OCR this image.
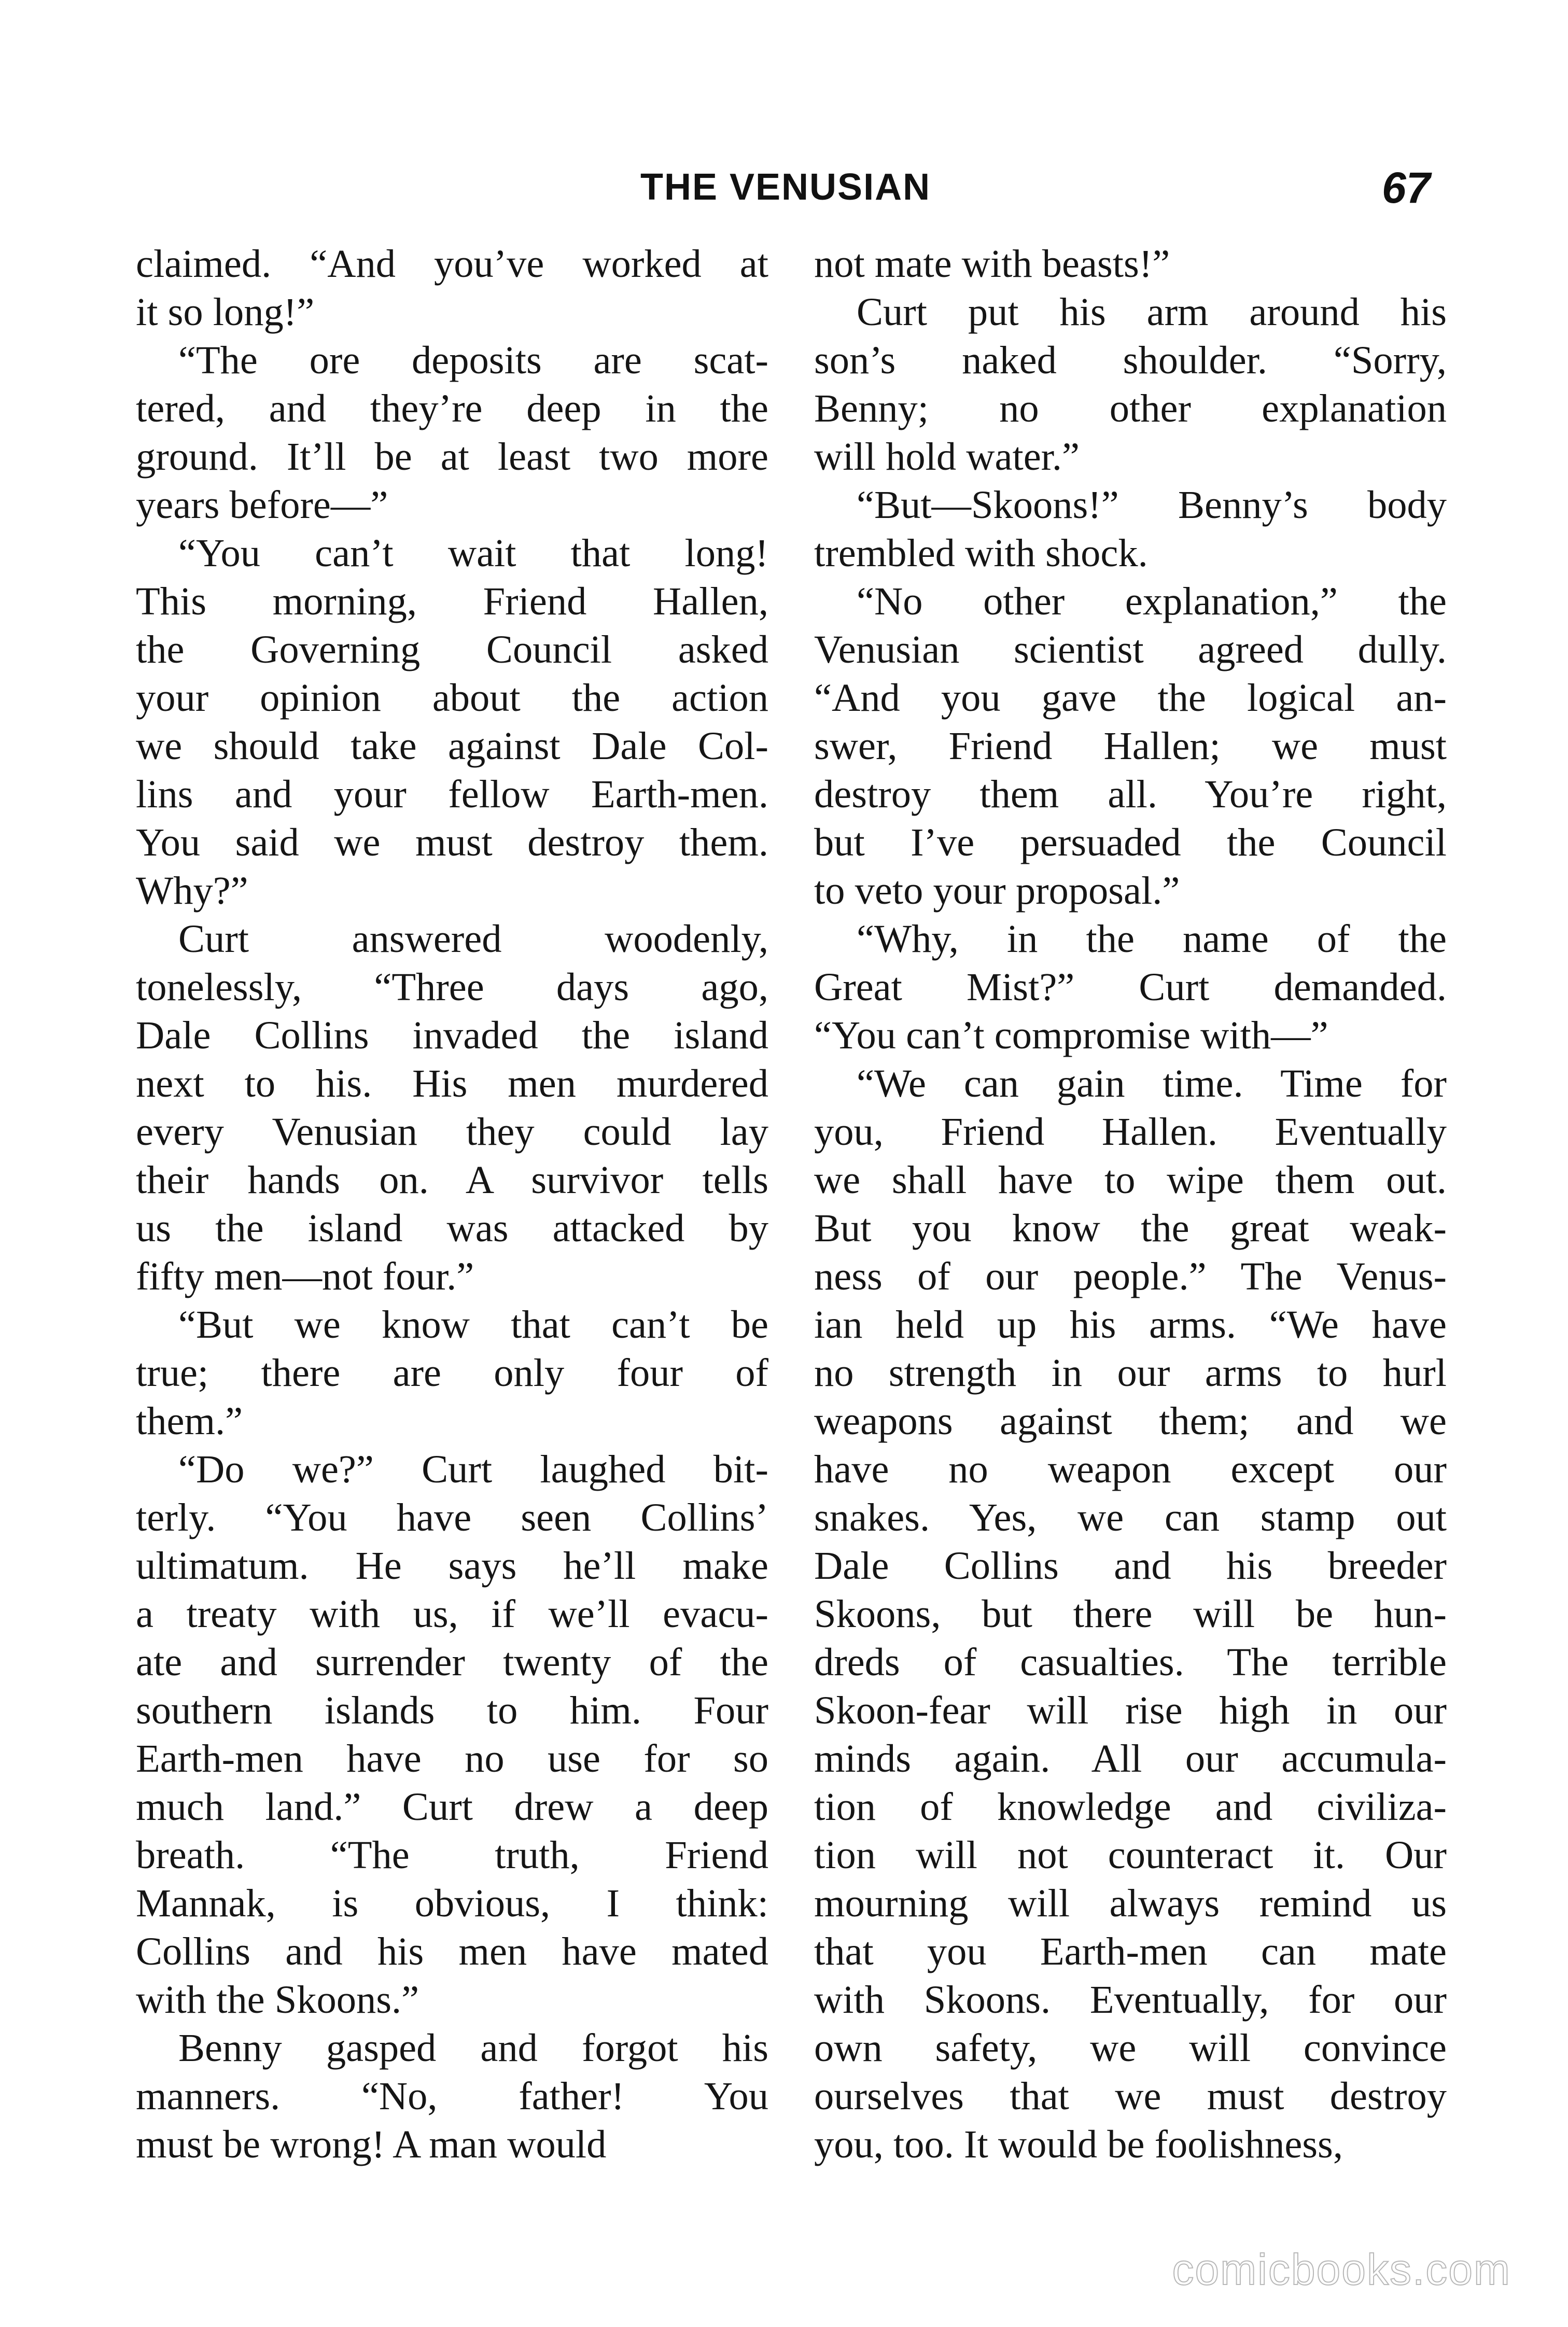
THE VENUSIAN	67

claimed. “And you’ve worked at

it so long!”

“The ore deposits are scat-

tered, and they’re deep in the

ground. It’ll be at least two more

years before—”

“You can’t wait that long!

This morning, Friend Hallen,

the Governing Council asked

your opinion about the action

we should take against Dale Col-

lins and your fellow Earth-men.

You said we must destroy them.

Why?”

Curt answered woodenly,

tonelessly, “Three days ago,

Dale Collins invaded the island

next to his. His men murdered

every Venusian they could lay

their hands on. A survivor tells

us the island was attacked by

fifty men—not four.”

“But we know that can’t be

true; there are only four of

them.”

“Do we?” Curt laughed bit-

terly. “You have seen Collins’

ultimatum. He says he’ll make

a treaty with us, if we’ll evacu-

ate and surrender twenty of the

southern islands to him. Four

Earth-men have no use for so

much land.” Curt drew a deep

breath. “The truth, Friend

Mannak, is obvious, I think:

Collins and his men have mated

with the Skoons.”

Benny gasped and forgot his

manners. “No, father! You

must be wrong! A man would

not mate with beasts!”

Curt put his arm around his

son’s naked shoulder. “Sorry,

Benny; no other explanation

will hold water.”

“But—Skoons!” Benny’s body

trembled with shock.

“No other explanation,” the

Venusian scientist agreed dully.

“And you gave the logical an-

swer, Friend Hallen; we must

destroy them all. You’re right,

but I’ve persuaded the Council

to veto your proposal.”

“Why, in the name of the

Great Mist?” Curt demanded.

“You can’t compromise with—”

“We can gain time. Time for

you, Friend Hallen. Eventually

we shall have to wipe them out.

But you know the great weak-

ness of our people.” The Venus-

ian held up his arms. “We have

no strength in our arms to hurl

weapons against them; and we

have no weapon except our

snakes. Yes, we can stamp out

Dale Collins and his breeder

Skoons, but there will be hun-

dreds of casualties. The terrible

Skoon-fear will rise high in our

minds again. All our accumula-

tion of knowledge and civiliza-

tion will not counteract it. Our

mourning will always remind us

that you Earth-men can mate

with Skoons. Eventually, for our

own safety, we will convince

ourselves that we must destroy

you, too. It would be foolishness,

comicbooks.com
